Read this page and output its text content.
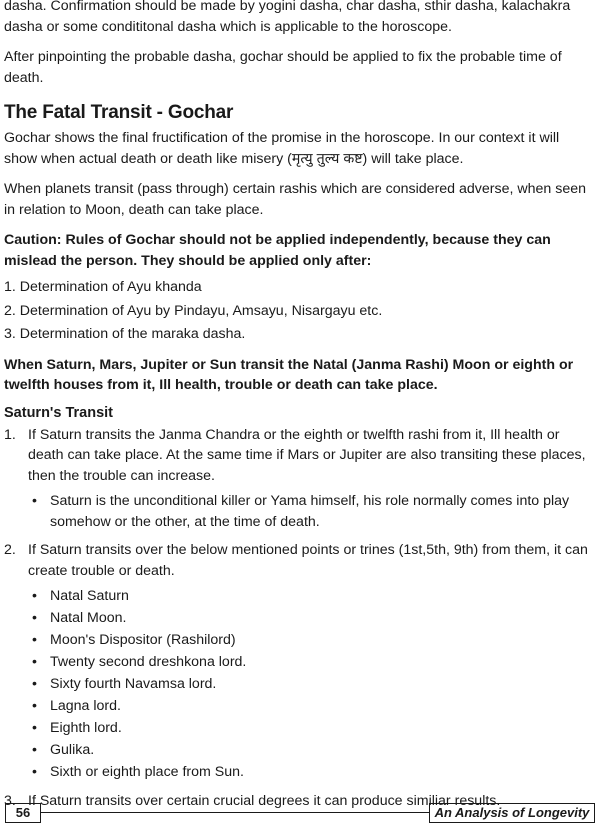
dasha. Confirmation should be made by yogini dasha, char dasha, sthir dasha, kalachakra dasha or some condititonal dasha which is applicable to the horoscope.

After pinpointing the probable dasha, gochar should be applied to fix the probable time of death.

The Fatal Transit - Gochar

Gochar shows the final fructification of the promise in the horoscope. In our context it will show when actual death or death like misery (मृत्यु तुल्य कष्ट) will take place.

When planets transit (pass through) certain rashis which are considered adverse, when seen in relation to Moon, death can take place.

Caution: Rules of Gochar should not be applied independently, because they can mislead the person. They should be applied only after:

1. Determination of Ayu khanda
2. Determination of Ayu by Pindayu, Amsayu, Nisargayu etc.
3. Determination of the maraka dasha.

When Saturn, Mars, Jupiter or Sun transit the Natal (Janma Rashi) Moon or eighth or twelfth houses from it, Ill health, trouble or death can take place.

Saturn's Transit
1. If Saturn transits the Janma Chandra or the eighth or twelfth rashi from it, Ill health or death can take place. At the same time if Mars or Jupiter are also transiting these places, then the trouble can increase.
• Saturn is the unconditional killer or Yama himself, his role normally comes into play somehow or the other, at the time of death.
2. If Saturn transits over the below mentioned points or trines (1st,5th, 9th) from them, it can create trouble or death.
• Natal Saturn
• Natal Moon.
• Moon's Dispositor (Rashilord)
• Twenty second dreshkona lord.
• Sixty fourth Navamsa lord.
• Lagna lord.
• Eighth lord.
• Gulika.
• Sixth or eighth place from Sun.
3. If Saturn transits over certain crucial degrees it can produce similiar results.
56	An Analysis of Longevity
